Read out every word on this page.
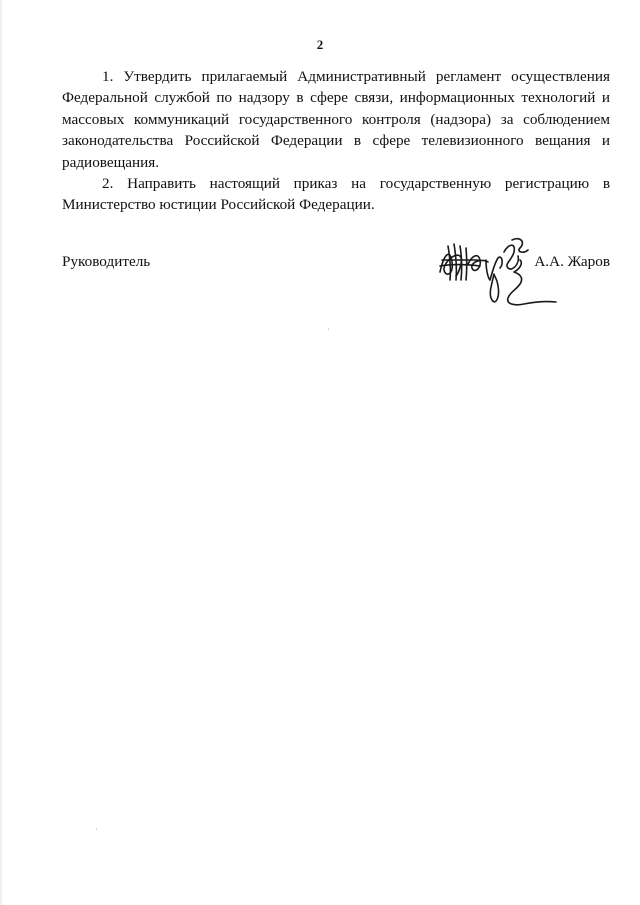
2

1. Утвердить прилагаемый Административный регламент осуществления Федеральной службой по надзору в сфере связи, информационных технологий и массовых коммуникаций государственного контроля (надзора) за соблюдением законодательства Российской Федерации в сфере телевизионного вещания и радиовещания.

2. Направить настоящий приказ на государственную регистрацию в Министерство юстиции Российской Федерации.

Руководитель	А.А. Жаров
